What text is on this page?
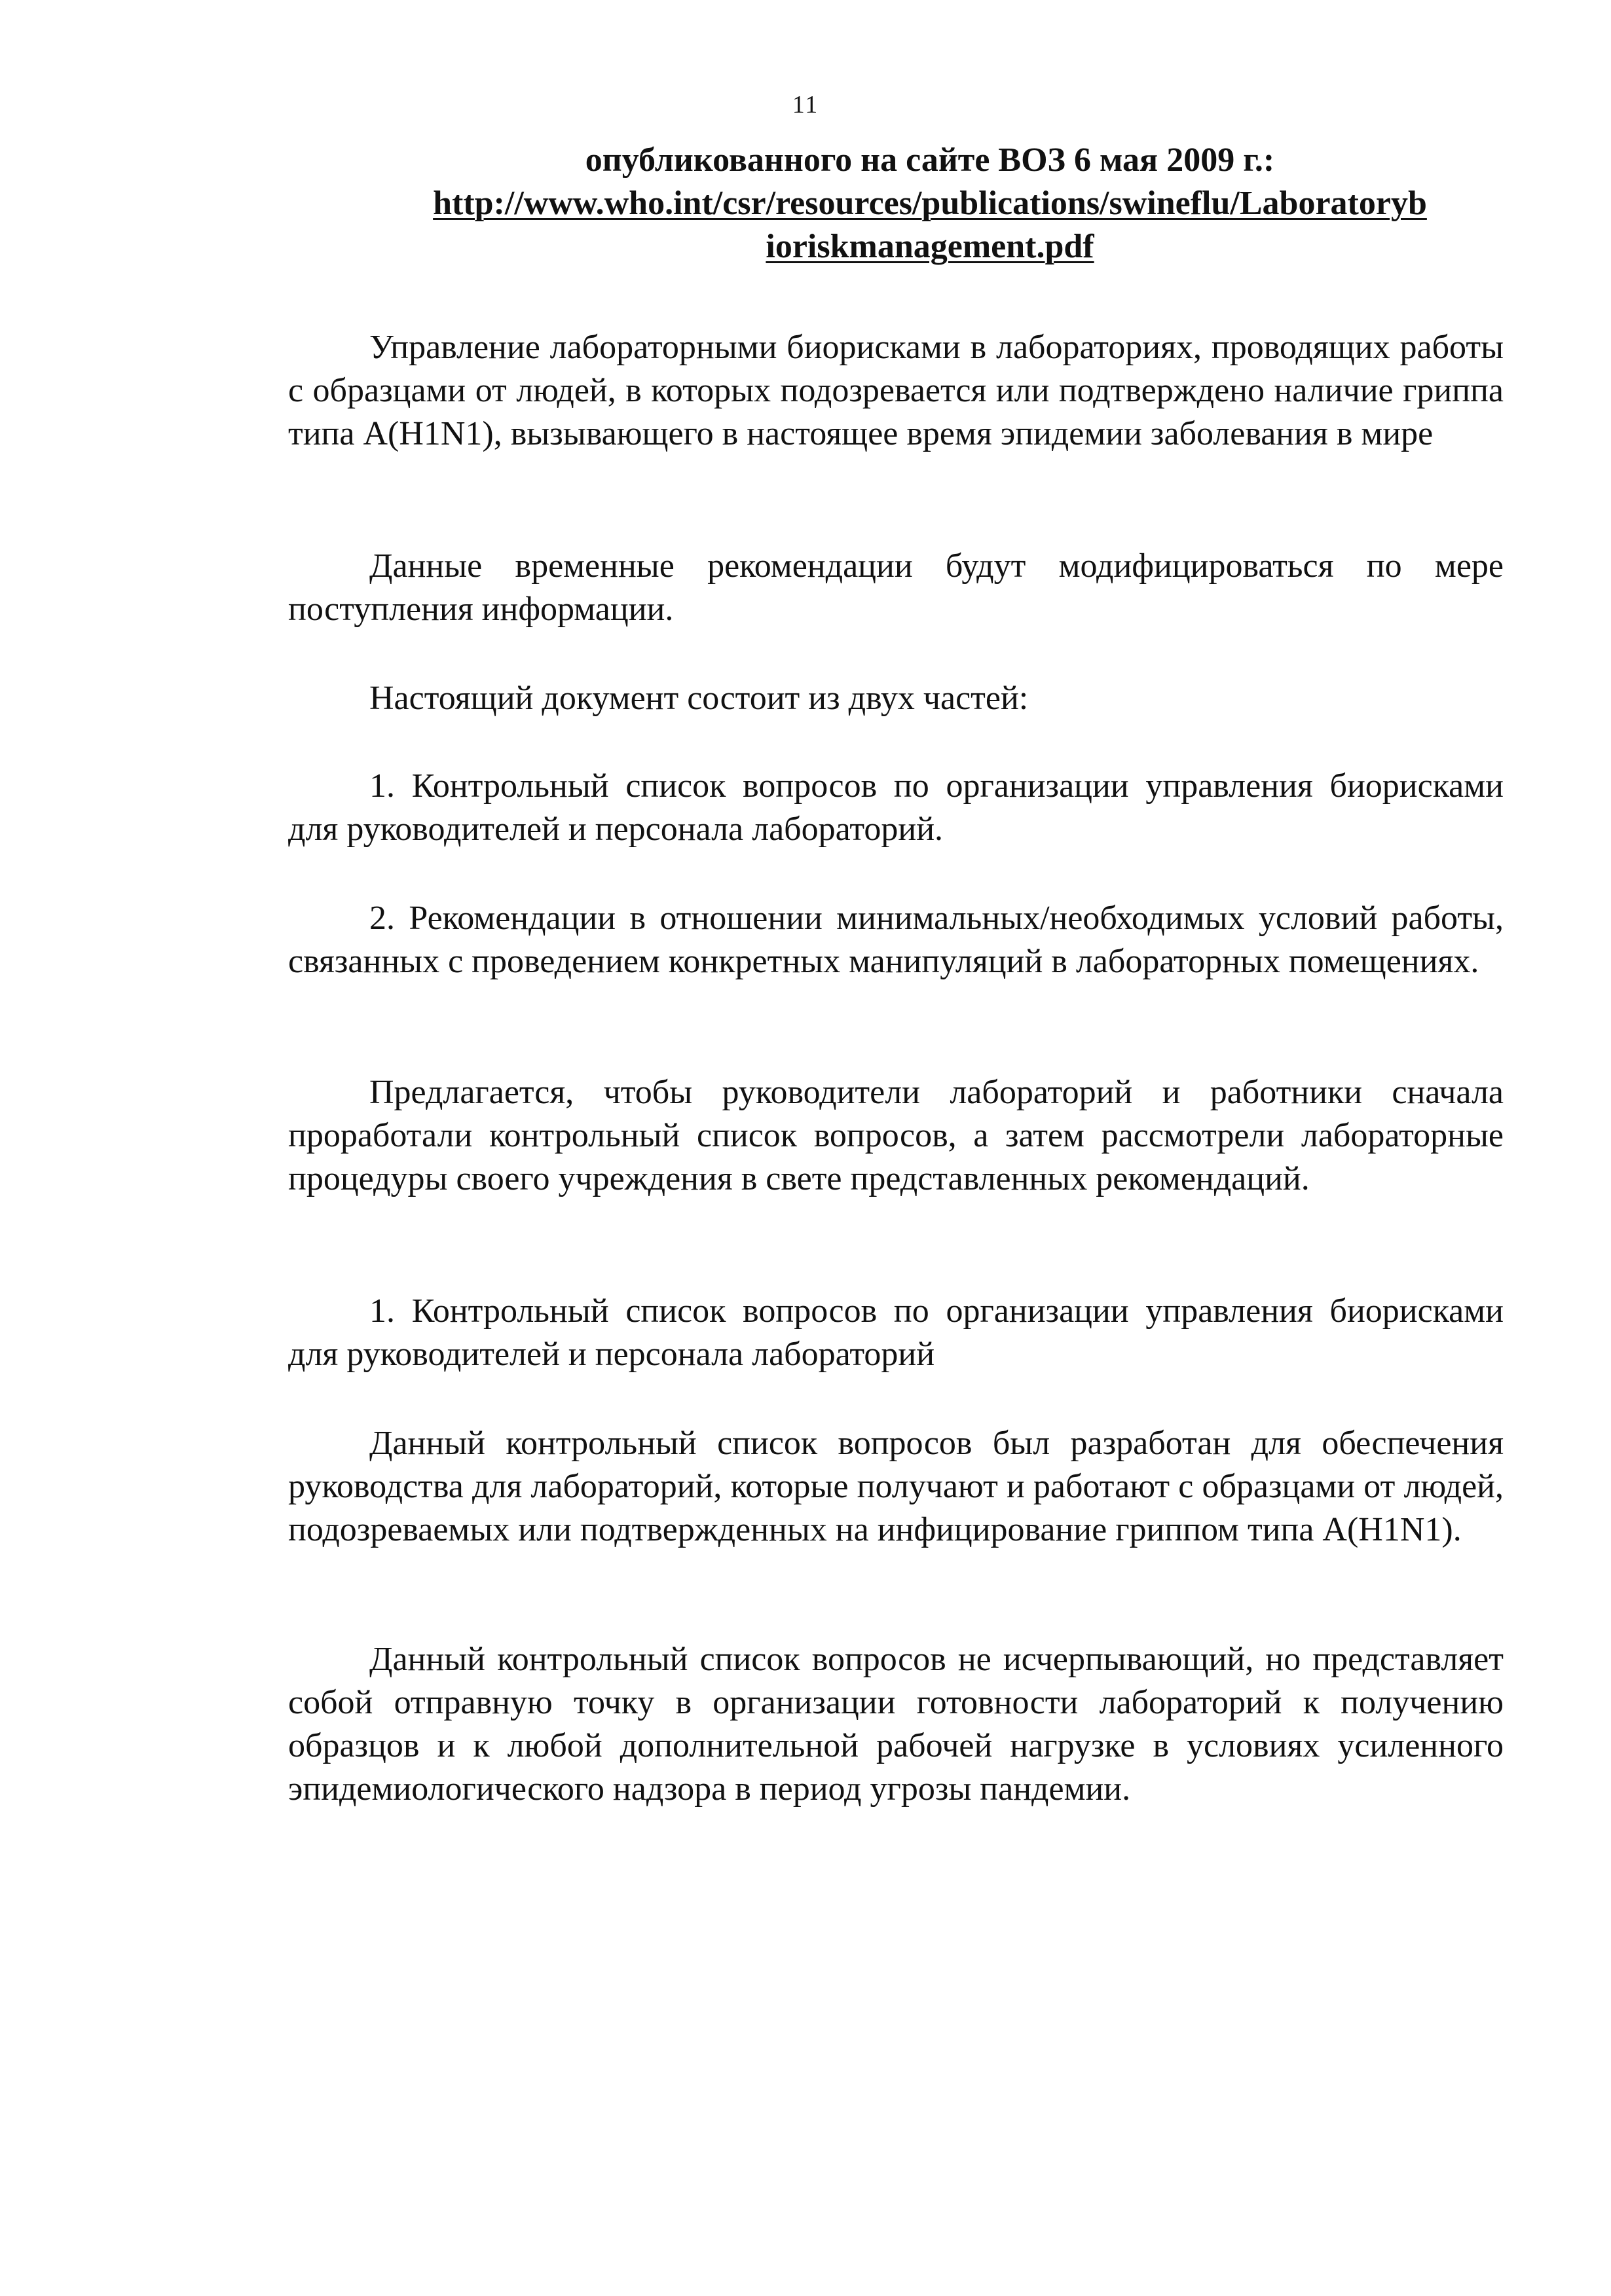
11
опубликованного на сайте ВОЗ 6 мая 2009 г.:
http://www.who.int/csr/resources/publications/swineflu/Laboratoryb
ioriskmanagement.pdf

Управление лабораторными биорисками в лабораториях, проводящих работы с образцами от людей, в которых подозревается или подтверждено наличие гриппа типа A(H1N1), вызывающего в настоящее время эпидемии заболевания в мире

Данные временные рекомендации будут модифицироваться по мере поступления информации.

Настоящий документ состоит из двух частей:

1. Контрольный список вопросов по организации управления биорисками для руководителей и персонала лабораторий.

2. Рекомендации в отношении минимальных/необходимых условий работы, связанных с проведением конкретных манипуляций в лабораторных помещениях.

Предлагается, чтобы руководители лабораторий и работники сначала проработали контрольный список вопросов, а затем рассмотрели лабораторные процедуры своего учреждения в свете представленных рекомендаций.

1. Контрольный список вопросов по организации управления биорисками для руководителей и персонала лабораторий

Данный контрольный список вопросов был разработан для обеспечения руководства для лабораторий, которые получают и работают с образцами от людей, подозреваемых или подтвержденных на инфицирование гриппом типа A(H1N1).

Данный контрольный список вопросов не исчерпывающий, но представляет собой отправную точку в организации готовности лабораторий к получению образцов и к любой дополнительной рабочей нагрузке в условиях усиленного эпидемиологического надзора в период угрозы пандемии.
